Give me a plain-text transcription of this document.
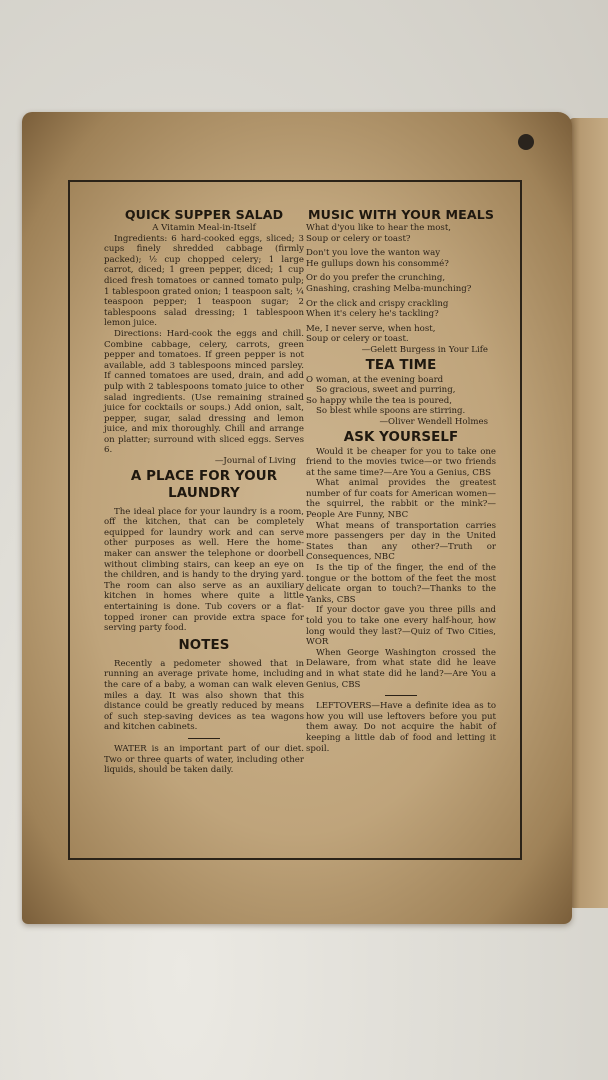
QUICK SUPPER SALAD
A Vitamin Meal-in-Itself

Ingredients: 6 hard-cooked eggs, sliced; 3 cups finely shredded cabbage (firmly packed); ½ cup chopped celery; 1 large carrot, diced; 1 green pepper, diced; 1 cup diced fresh tomatoes or canned tomato pulp; 1 tablespoon grated onion; 1 teaspoon salt; ¼ teaspoon pepper; 1 teaspoon sugar; 2 tablespoons salad dressing; 1 tablespoon lemon juice.

Directions: Hard-cook the eggs and chill. Combine cabbage, celery, carrots, green pepper and tomatoes. If green pepper is not available, add 3 tablespoons minced parsley. If canned tomatoes are used, drain, and add pulp with 2 tablespoons tomato juice to other salad ingredients. (Use remaining strained juice for cocktails or soups.) Add onion, salt, pepper, sugar, salad dressing and lemon juice, and mix thoroughly. Chill and arrange on platter; surround with sliced eggs. Serves 6.

—Journal of Living
A PLACE FOR YOUR
LAUNDRY

The ideal place for your laundry is a room, off the kitchen, that can be completely equipped for laundry work and can serve other purposes as well. Here the home-maker can answer the telephone or doorbell without climbing stairs, can keep an eye on the children, and is handy to the drying yard. The room can also serve as an auxiliary kitchen in homes where quite a little entertaining is done. Tub covers or a flat-topped ironer can provide extra space for serving party food.

NOTES

Recently a pedometer showed that in running an average private home, including the care of a baby, a woman can walk eleven miles a day. It was also shown that this distance could be greatly reduced by means of such step-saving devices as tea wagons and kitchen cabinets.

WATER is an important part of our diet. Two or three quarts of water, including other liquids, should be taken daily.

MUSIC WITH YOUR MEALS
What d'you like to hear the most,
Soup or celery or toast?
Don't you love the wanton way
He gullups down his consommé?
Or do you prefer the crunching,
Gnashing, crashing Melba-munching?
Or the click and crispy crackling
When it's celery he's tackling?
Me, I never serve, when host,
Soup or celery or toast.
—Gelett Burgess in Your Life
TEA TIME
O woman, at the evening board
So gracious, sweet and purring,
So happy while the tea is poured,
So blest while spoons are stirring.
—Oliver Wendell Holmes
ASK YOURSELF

Would it be cheaper for you to take one friend to the movies twice—or two friends at the same time?—Are You a Genius, CBS

What animal provides the greatest number of fur coats for American women—the squirrel, the rabbit or the mink?—People Are Funny, NBC

What means of transportation carries more passengers per day in the United States than any other?—Truth or Consequences, NBC

Is the tip of the finger, the end of the tongue or the bottom of the feet the most delicate organ to touch?—Thanks to the Yanks, CBS

If your doctor gave you three pills and told you to take one every half-hour, how long would they last?—Quiz of Two Cities, WOR

When George Washington crossed the Delaware, from what state did he leave and in what state did he land?—Are You a Genius, CBS

LEFTOVERS—Have a definite idea as to how you will use leftovers before you put them away. Do not acquire the habit of keeping a little dab of food and letting it spoil.
